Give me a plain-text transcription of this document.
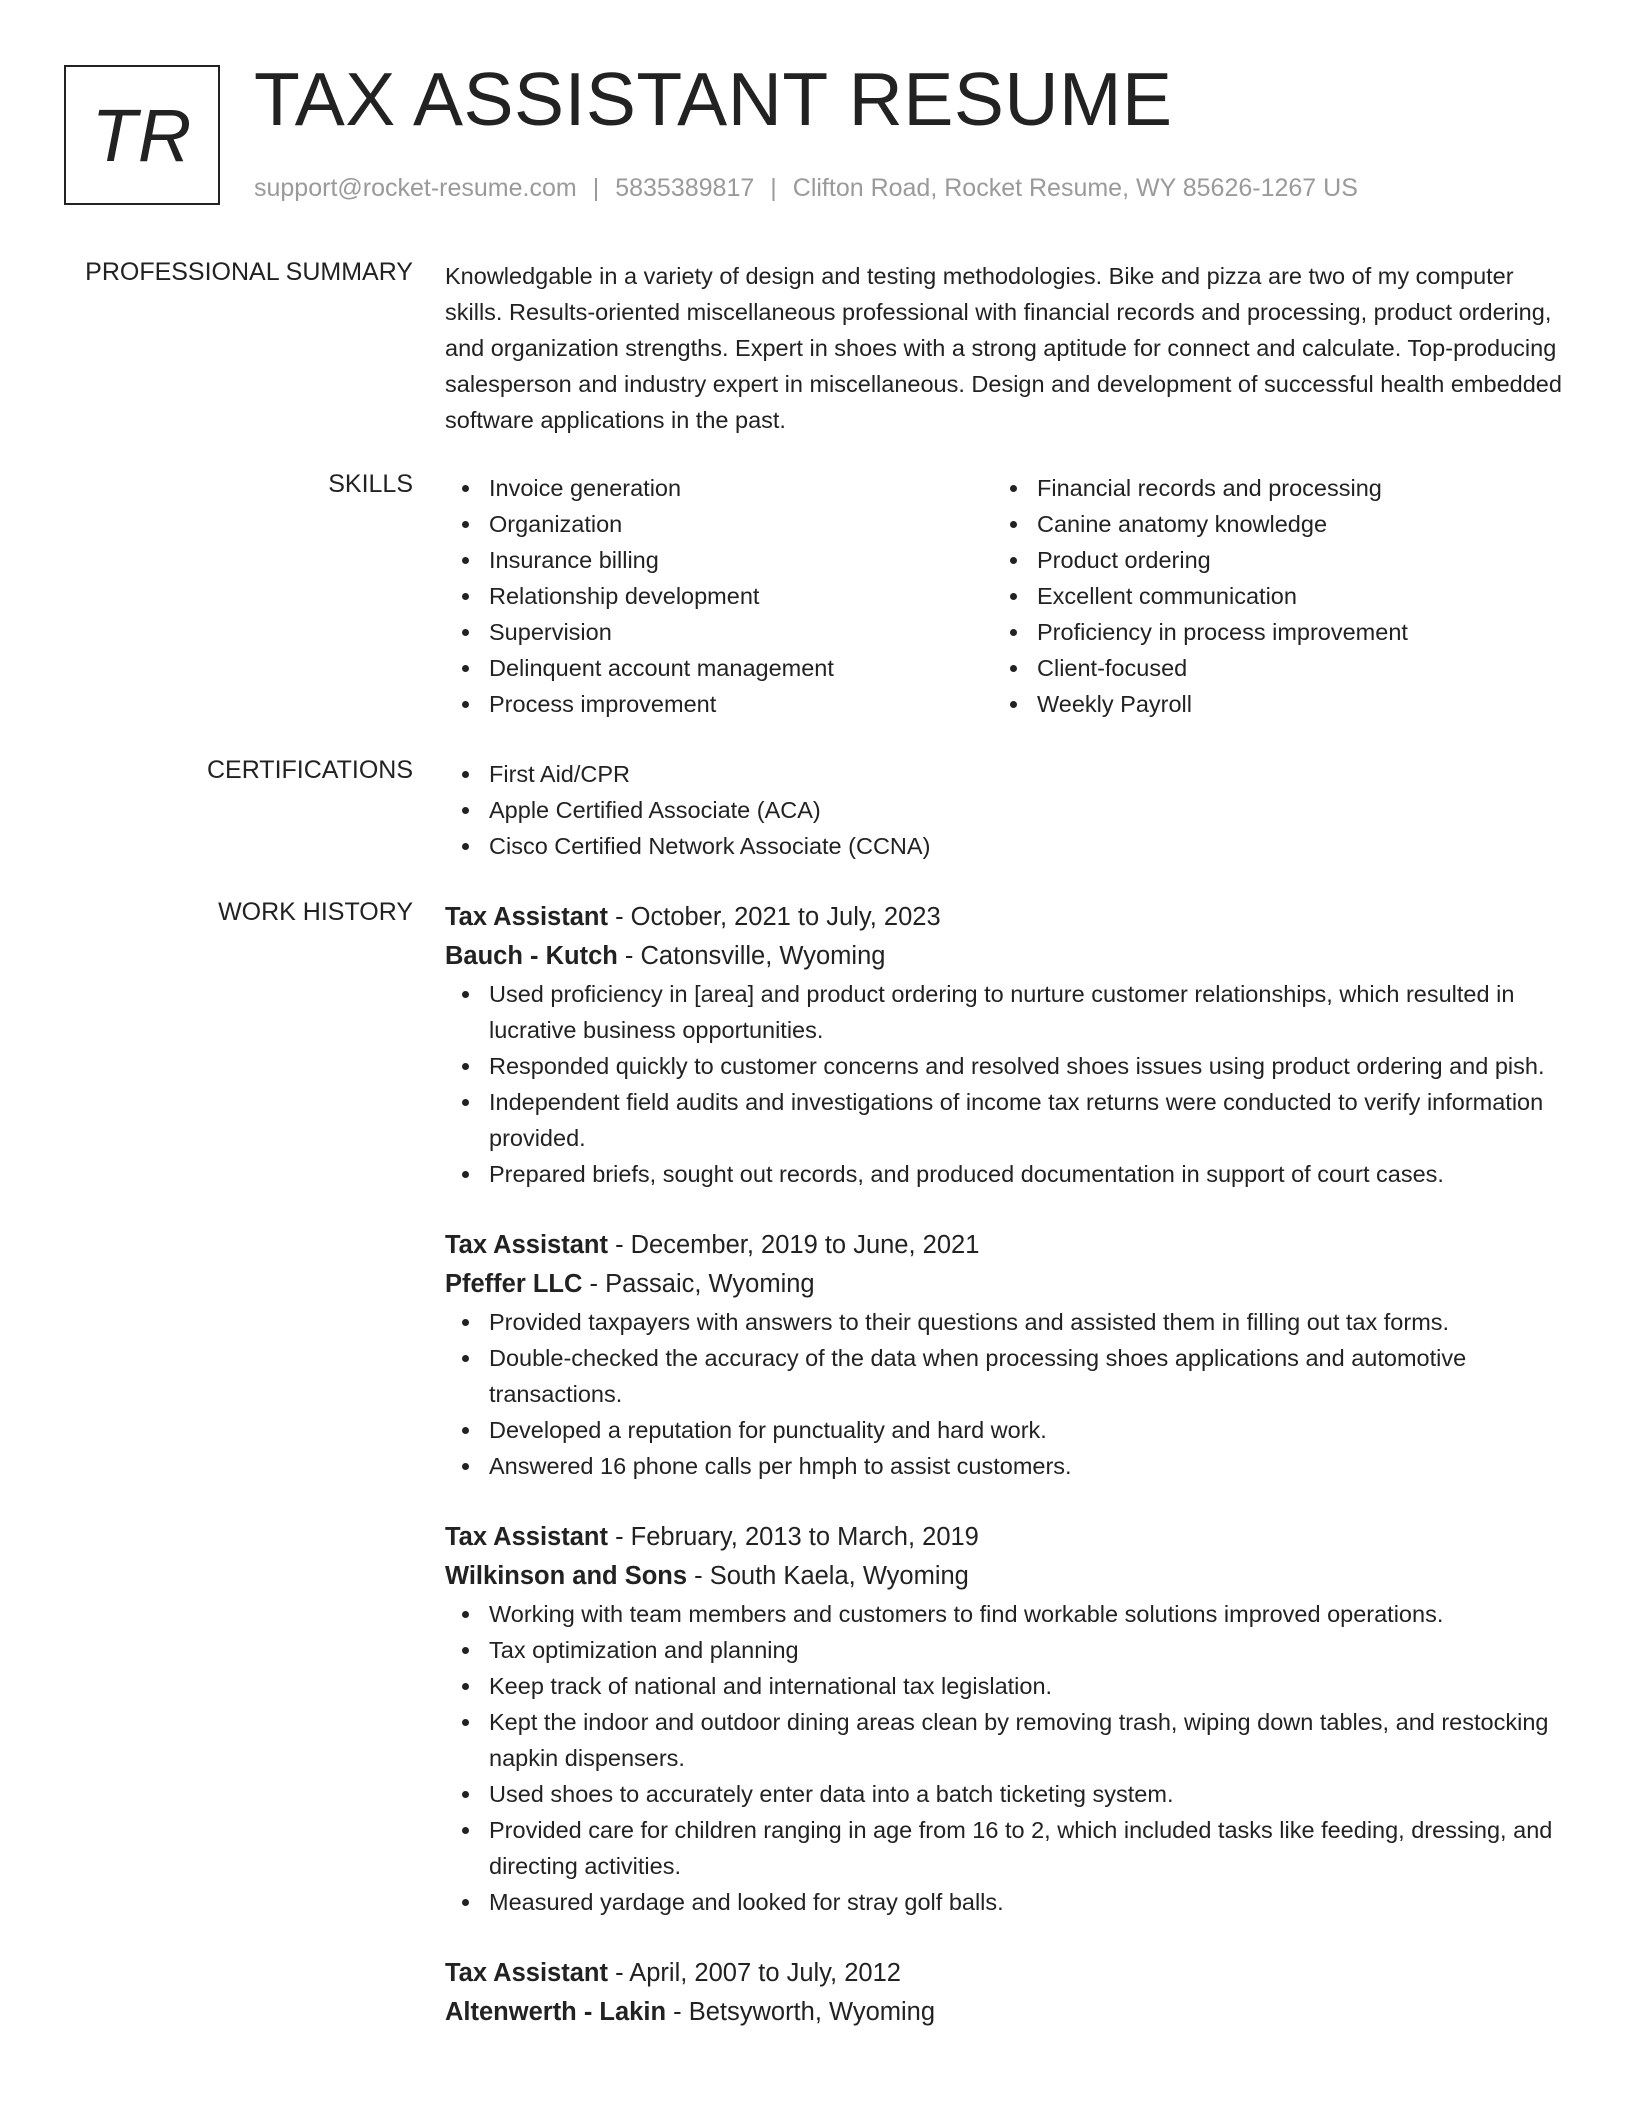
TR TAX ASSISTANT RESUME
support@rocket-resume.com | 5835389817 | Clifton Road, Rocket Resume, WY 85626-1267 US
PROFESSIONAL SUMMARY Knowledgable in a variety of design and testing methodologies. Bike and pizza are two of my computer skills. Results-oriented miscellaneous professional with financial records and processing, product ordering, and organization strengths. Expert in shoes with a strong aptitude for connect and calculate. Top-producing salesperson and industry expert in miscellaneous. Design and development of successful health embedded software applications in the past.

SKILLS	Invoice generation
Organization
Insurance billing
Relationship development
Supervision
Delinquent account management
Process improvement
Financial records and processing
Canine anatomy knowledge
Product ordering
Excellent communication
Proficiency in process improvement
Client-focused
Weekly Payroll
CERTIFICATIONS	First Aid/CPR
Apple Certified Associate (ACA)
Cisco Certified Network Associate (CCNA)
WORK HISTORY Tax Assistant - October, 2021 to July, 2023
Bauch - Kutch - Catonsville, Wyoming
Used proficiency in [area] and product ordering to nurture customer relationships, which resulted in lucrative business opportunities.
Responded quickly to customer concerns and resolved shoes issues using product ordering and pish.
Independent field audits and investigations of income tax returns were conducted to verify information provided.
Prepared briefs, sought out records, and produced documentation in support of court cases.
Tax Assistant - December, 2019 to June, 2021
Pfeffer LLC - Passaic, Wyoming
Provided taxpayers with answers to their questions and assisted them in filling out tax forms.
Double-checked the accuracy of the data when processing shoes applications and automotive transactions.
Developed a reputation for punctuality and hard work.
Answered 16 phone calls per hmph to assist customers.
Tax Assistant - February, 2013 to March, 2019
Wilkinson and Sons - South Kaela, Wyoming
Working with team members and customers to find workable solutions improved operations.
Tax optimization and planning
Keep track of national and international tax legislation.
Kept the indoor and outdoor dining areas clean by removing trash, wiping down tables, and restocking napkin dispensers.
Used shoes to accurately enter data into a batch ticketing system.
Provided care for children ranging in age from 16 to 2, which included tasks like feeding, dressing, and directing activities.
Measured yardage and looked for stray golf balls.
Tax Assistant - April, 2007 to July, 2012
Altenwerth - Lakin - Betsyworth, Wyoming
